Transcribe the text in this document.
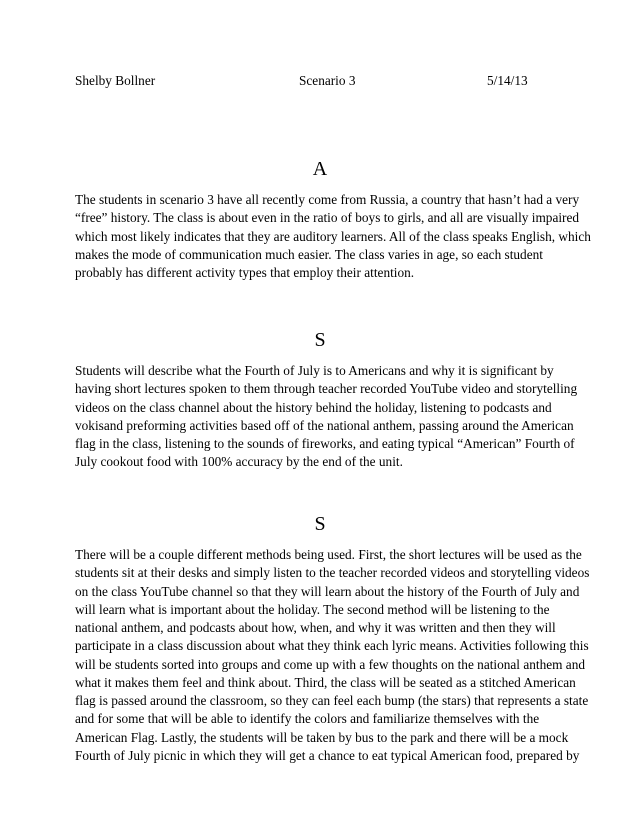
Shelby Bollner	Scenario 3	5/14/13
A

The students in scenario 3 have all recently come from Russia, a country that hasn’t had a very
“free” history. The class is about even in the ratio of boys to girls, and all are visually impaired
which most likely indicates that they are auditory learners. All of the class speaks English, which
makes the mode of communication much easier. The class varies in age, so each student
probably has different activity types that employ their attention.

S

Students will describe what the Fourth of July is to Americans and why it is significant by
having short lectures spoken to them through teacher recorded YouTube video and storytelling
videos on the class channel about the history behind the holiday, listening to podcasts and
vokisand preforming activities based off of the national anthem, passing around the American
flag in the class, listening to the sounds of fireworks, and eating typical “American” Fourth of
July cookout food with 100% accuracy by the end of the unit.

S

There will be a couple different methods being used. First, the short lectures will be used as the
students sit at their desks and simply listen to the teacher recorded videos and storytelling videos
on the class YouTube channel so that they will learn about the history of the Fourth of July and
will learn what is important about the holiday. The second method will be listening to the
national anthem, and podcasts about how, when, and why it was written and then they will
participate in a class discussion about what they think each lyric means. Activities following this
will be students sorted into groups and come up with a few thoughts on the national anthem and
what it makes them feel and think about. Third, the class will be seated as a stitched American
flag is passed around the classroom, so they can feel each bump (the stars) that represents a state
and for some that will be able to identify the colors and familiarize themselves with the
American Flag. Lastly, the students will be taken by bus to the park and there will be a mock
Fourth of July picnic in which they will get a chance to eat typical American food, prepared by
